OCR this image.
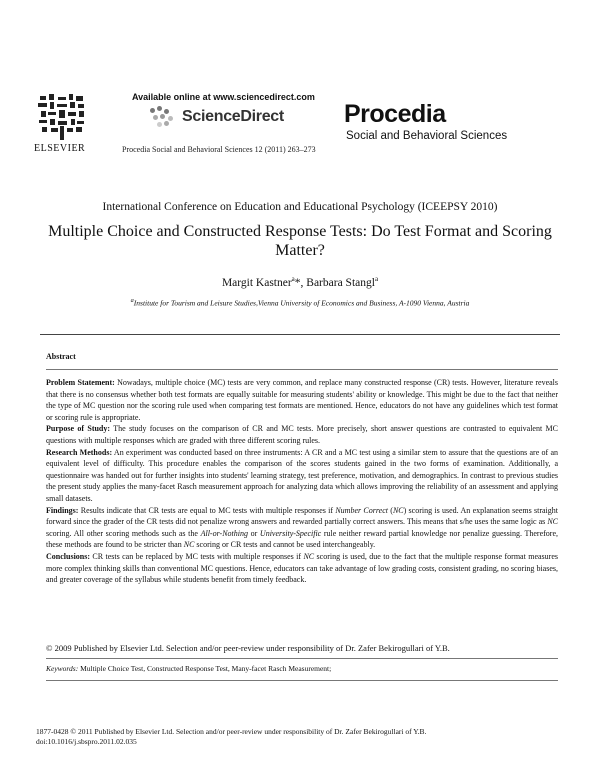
ELSEVIER
Available online at www.sciencedirect.com
ScienceDirect
Procedia Social and Behavioral Sciences 12 (2011) 263–273
Procedia
Social and Behavioral Sciences
International Conference on Education and Educational Psychology (ICEEPSY 2010)
Multiple Choice and Constructed Response Tests: Do Test Format and Scoring Matter?
Margit Kastner$^a$*, Barbara Stangl$^a$
$^a$Institute for Tourism and Leisure Studies,Vienna University of Economics and Business, A-1090 Vienna, Austria
Abstract

Problem Statement: Nowadays, multiple choice (MC) tests are very common, and replace many constructed response (CR) tests. However, literature reveals that there is no consensus whether both test formats are equally suitable for measuring students' ability or knowledge. This might be due to the fact that neither the type of MC question nor the scoring rule used when comparing test formats are mentioned. Hence, educators do not have any guidelines which test format or scoring rule is appropriate.

Purpose of Study: The study focuses on the comparison of CR and MC tests. More precisely, short answer questions are contrasted to equivalent MC questions with multiple responses which are graded with three different scoring rules.

Research Methods: An experiment was conducted based on three instruments: A CR and a MC test using a similar stem to assure that the questions are of an equivalent level of difficulty. This procedure enables the comparison of the scores students gained in the two forms of examination. Additionally, a questionnaire was handed out for further insights into students' learning strategy, test preference, motivation, and demographics. In contrast to previous studies the present study applies the many-facet Rasch measurement approach for analyzing data which allows improving the reliability of an assessment and applying small datasets.

Findings: Results indicate that CR tests are equal to MC tests with multiple responses if Number Correct (NC) scoring is used. An explanation seems straight forward since the grader of the CR tests did not penalize wrong answers and rewarded partially correct answers. This means that s/he uses the same logic as NC scoring. All other scoring methods such as the All-or-Nothing or University-Specific rule neither reward partial knowledge nor penalize guessing. Therefore, these methods are found to be stricter than NC scoring or CR tests and cannot be used interchangeably.

Conclusions: CR tests can be replaced by MC tests with multiple responses if NC scoring is used, due to the fact that the multiple response format measures more complex thinking skills than conventional MC questions. Hence, educators can take advantage of low grading costs, consistent grading, no scoring biases, and greater coverage of the syllabus while students benefit from timely feedback.

© 2009 Published by Elsevier Ltd. Selection and/or peer-review under responsibility of Dr. Zafer Bekirogullari of Y.B.
Keywords: Multiple Choice Test, Constructed Response Test, Many-facet Rasch Measurement;
1877-0428 © 2011 Published by Elsevier Ltd. Selection and/or peer-review under responsibility of Dr. Zafer Bekirogullari of Y.B.
doi:10.1016/j.sbspro.2011.02.035
